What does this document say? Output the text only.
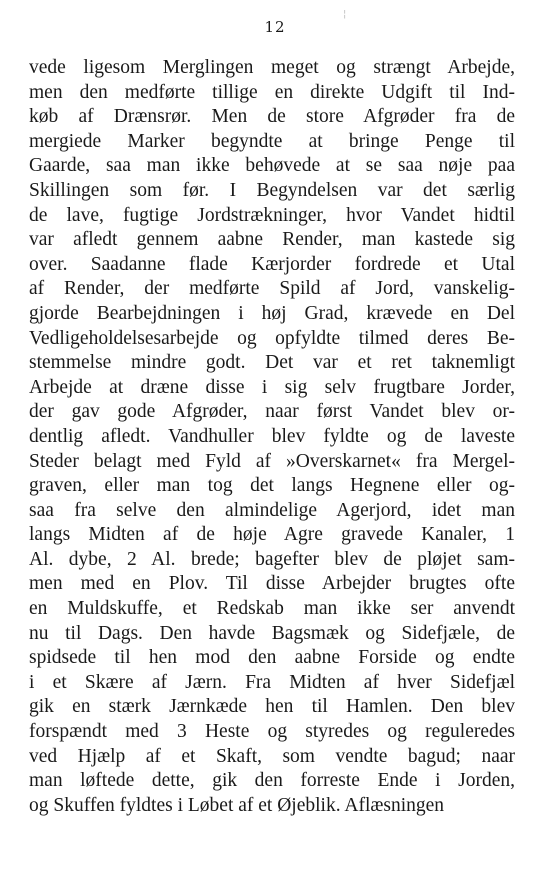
12
¦
vede ligesom Merglingen meget og strængt Arbejde,
men den medførte tillige en direkte Udgift til Ind-
køb af Drænsrør. Men de store Afgrøder fra de
mergiede Marker begyndte at bringe Penge til
Gaarde, saa man ikke behøvede at se saa nøje paa
Skillingen som før. I Begyndelsen var det særlig
de lave, fugtige Jordstrækninger, hvor Vandet hidtil
var afledt gennem aabne Render, man kastede sig
over. Saadanne flade Kærjorder fordrede et Utal
af Render, der medførte Spild af Jord, vanskelig-
gjorde Bearbejdningen i høj Grad, krævede en Del
Vedligeholdelsesarbejde og opfyldte tilmed deres Be-
stemmelse mindre godt. Det var et ret taknemligt
Arbejde at dræne disse i sig selv frugtbare Jorder,
der gav gode Afgrøder, naar først Vandet blev or-
dentlig afledt. Vandhuller blev fyldte og de laveste
Steder belagt med Fyld af »Overskarnet« fra Mergel-
graven, eller man tog det langs Hegnene eller og-
saa fra selve den almindelige Agerjord, idet man
langs Midten af de høje Agre gravede Kanaler, 1
Al. dybe, 2 Al. brede; bagefter blev de pløjet sam-
men med en Plov. Til disse Arbejder brugtes ofte
en Muldskuffe, et Redskab man ikke ser anvendt
nu til Dags. Den havde Bagsmæk og Sidefjæle, de
spidsede til hen mod den aabne Forside og endte
i et Skære af Jærn. Fra Midten af hver Sidefjæl
gik en stærk Jærnkæde hen til Hamlen. Den blev
forspændt med 3 Heste og styredes og reguleredes
ved Hjælp af et Skaft, som vendte bagud; naar
man løftede dette, gik den forreste Ende i Jorden,
og Skuffen fyldtes i Løbet af et Øjeblik. Aflæsningen
